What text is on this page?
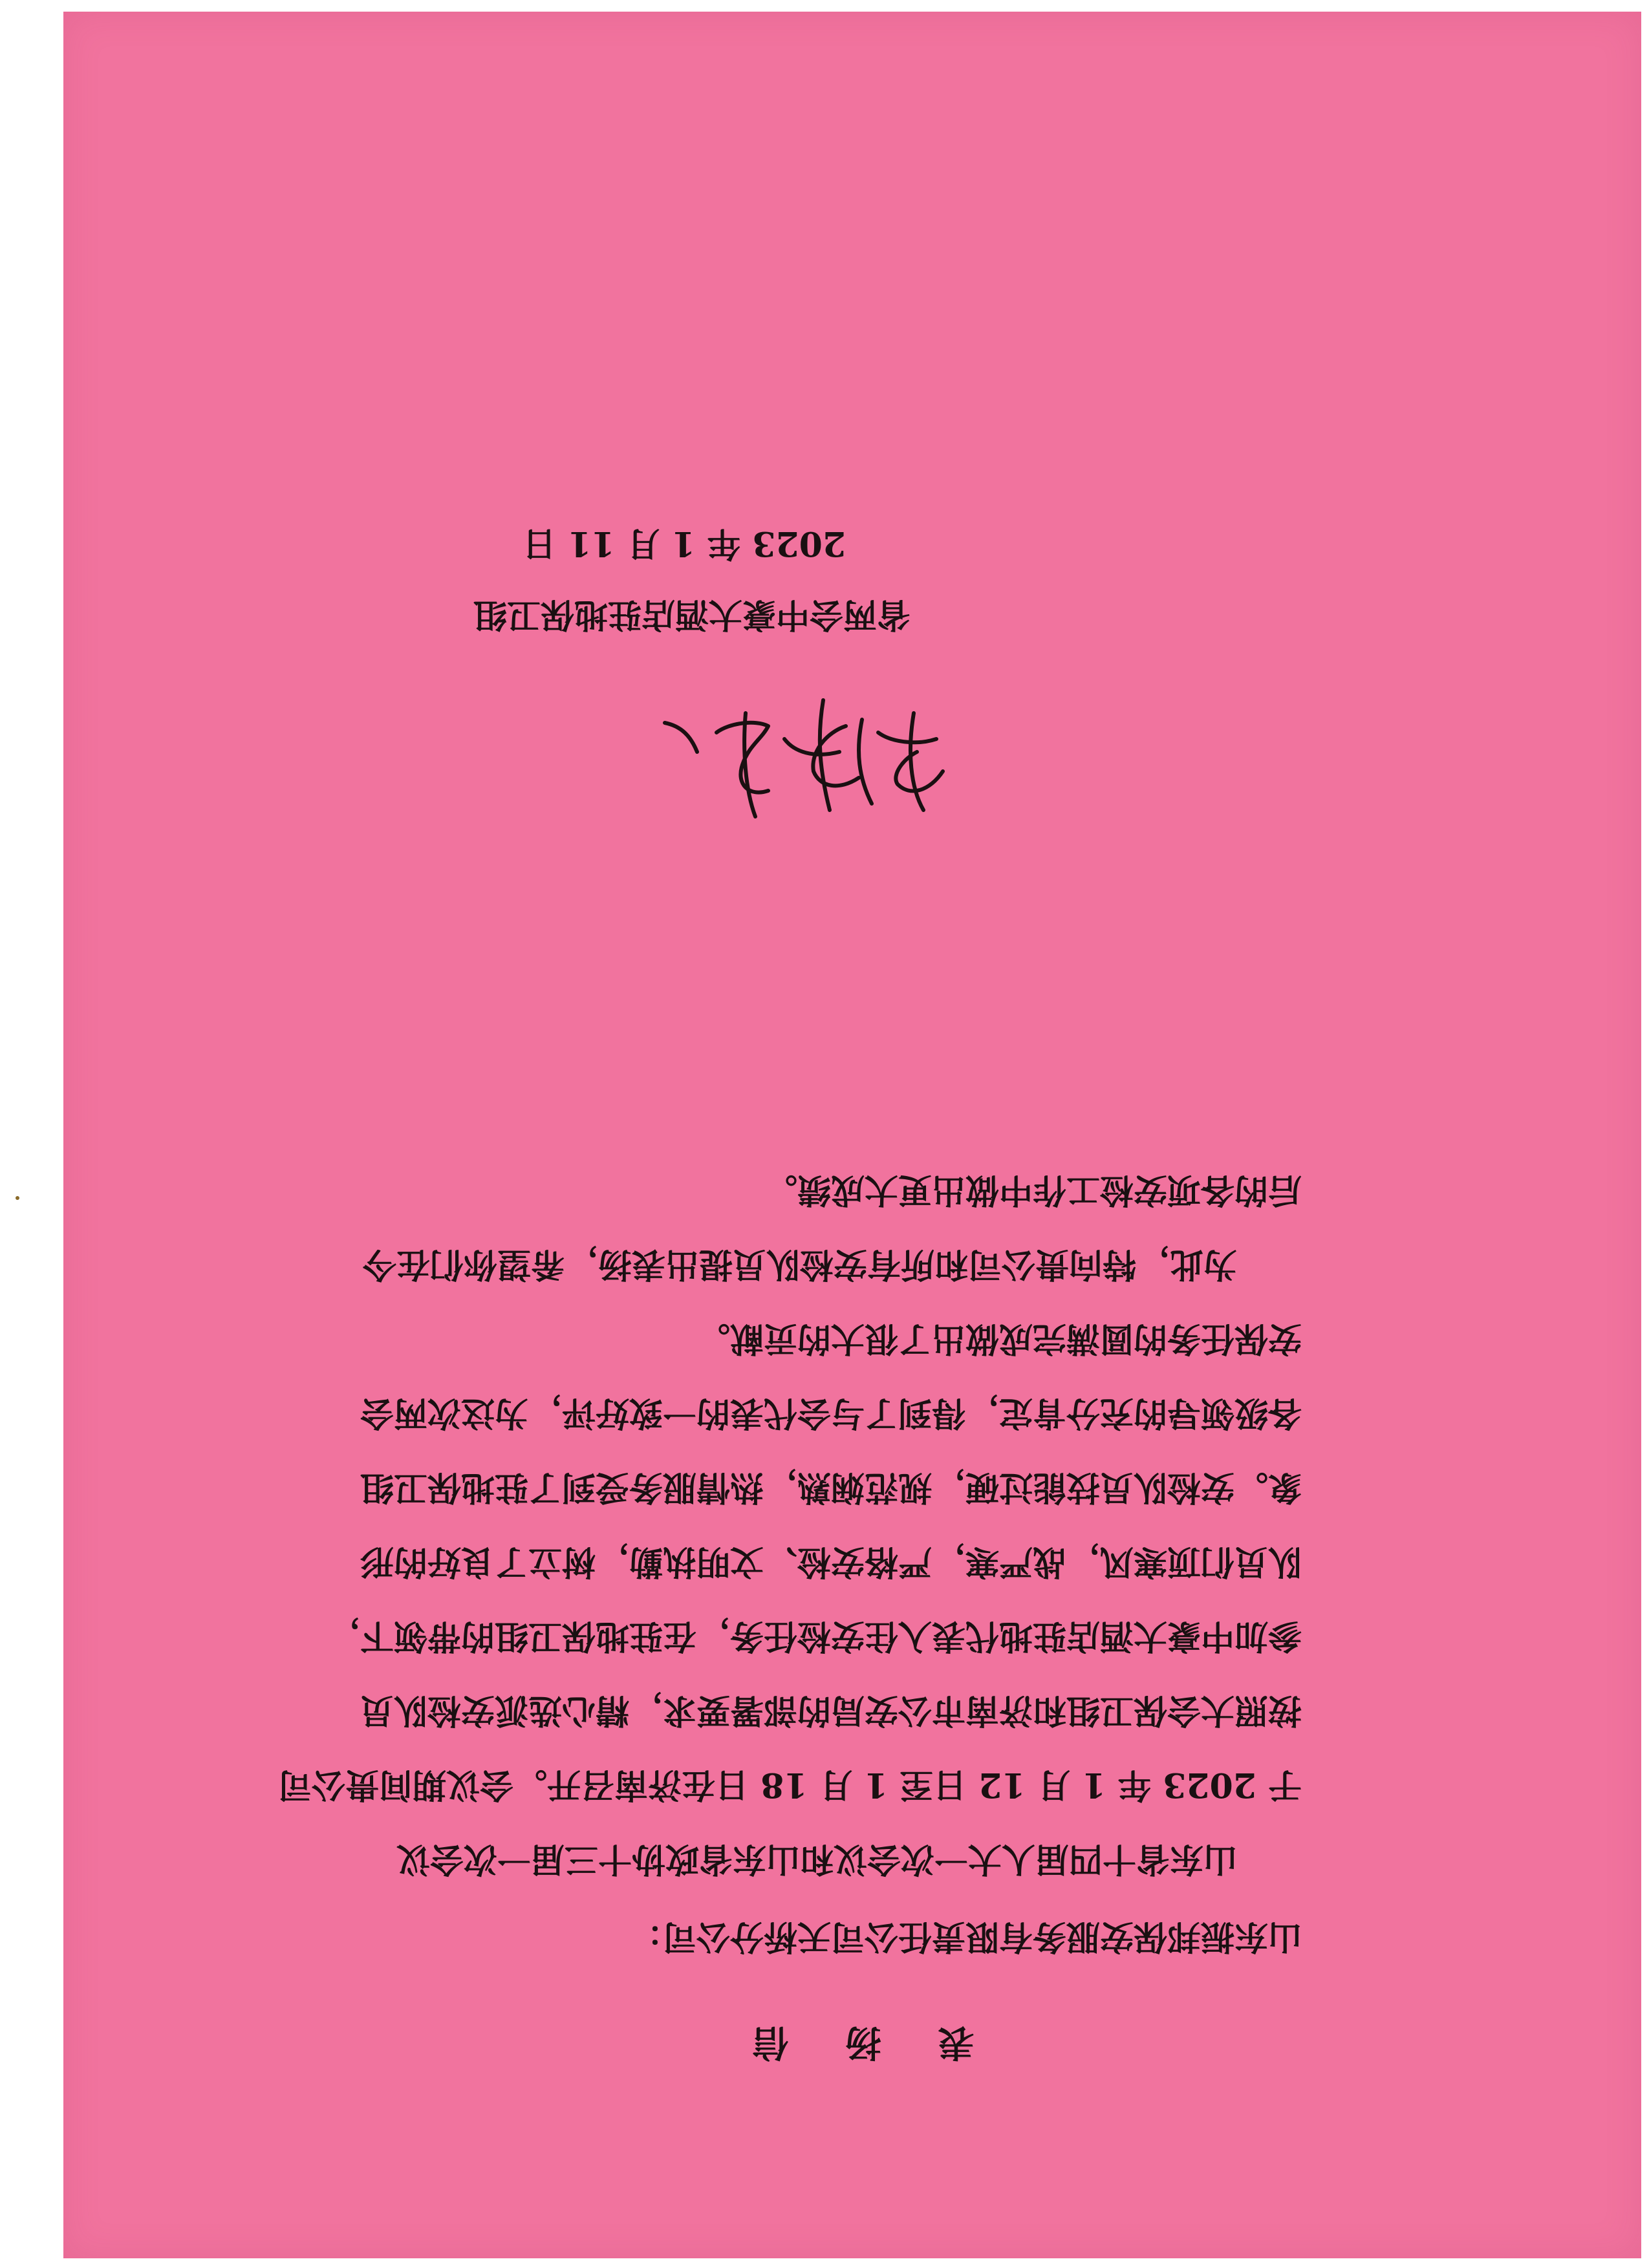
表 扬 信
山东振邦保安服务有限责任公司天桥分公司：
山东省十四届人大一次会议和山东省政协十三届一次会议
于 2023 年 1 月 12 日至 1 月 18 日在济南召开。会议期间贵公司
按照大会保卫组和济南市公安局的部署要求，精心选派安检队员
参加中豪大酒店驻地代表入住安检任务，在驻地保卫组的带领下，
队员们顶寒风，战严寒，严格安检、文明执勤，树立了良好的形
象。安检队员技能过硬，规范娴熟，热情服务受到了驻地保卫组
各级领导的充分肯定，得到了与会代表的一致好评，为这次两会
安保任务的圆满完成做出了很大的贡献。
为此，特向贵公司和所有安检队员提出表扬，希望你们在今
后的各项安检工作中做出更大成绩。
省两会中豪大酒店驻地保卫组
2023 年 1 月 11 日
